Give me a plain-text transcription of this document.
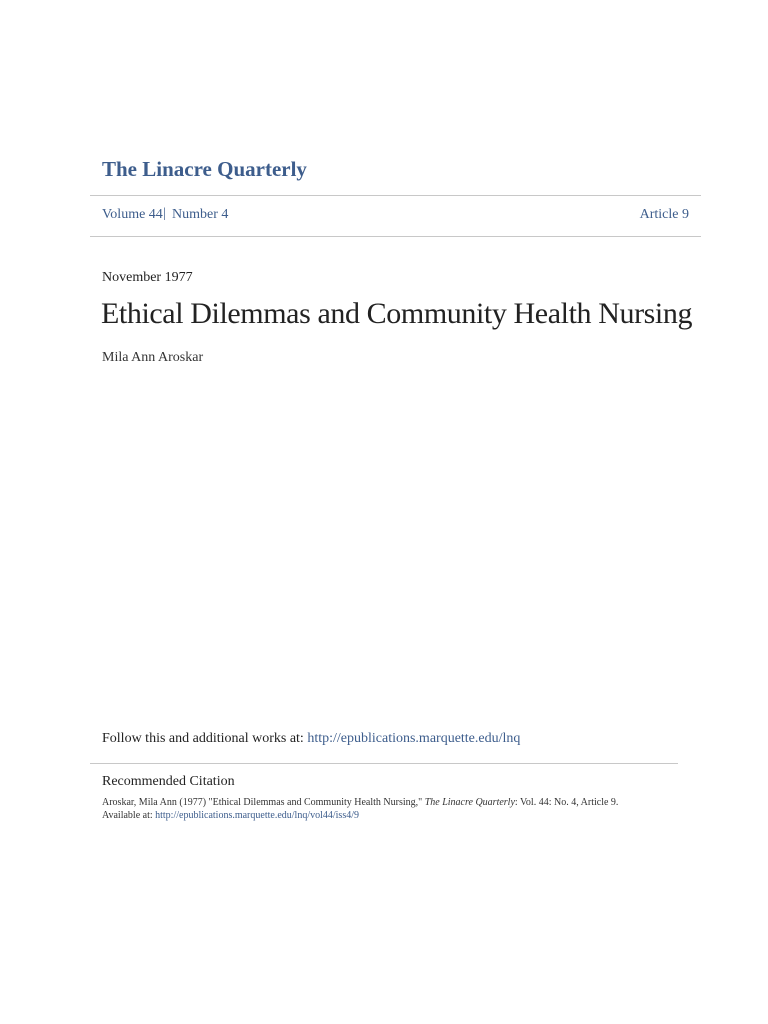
The Linacre Quarterly
Volume 44 | Number 4	Article 9
November 1977
Ethical Dilemmas and Community Health Nursing
Mila Ann Aroskar
Follow this and additional works at: http://epublications.marquette.edu/lnq
Recommended Citation
Aroskar, Mila Ann (1977) "Ethical Dilemmas and Community Health Nursing," The Linacre Quarterly: Vol. 44: No. 4, Article 9.
Available at: http://epublications.marquette.edu/lnq/vol44/iss4/9
